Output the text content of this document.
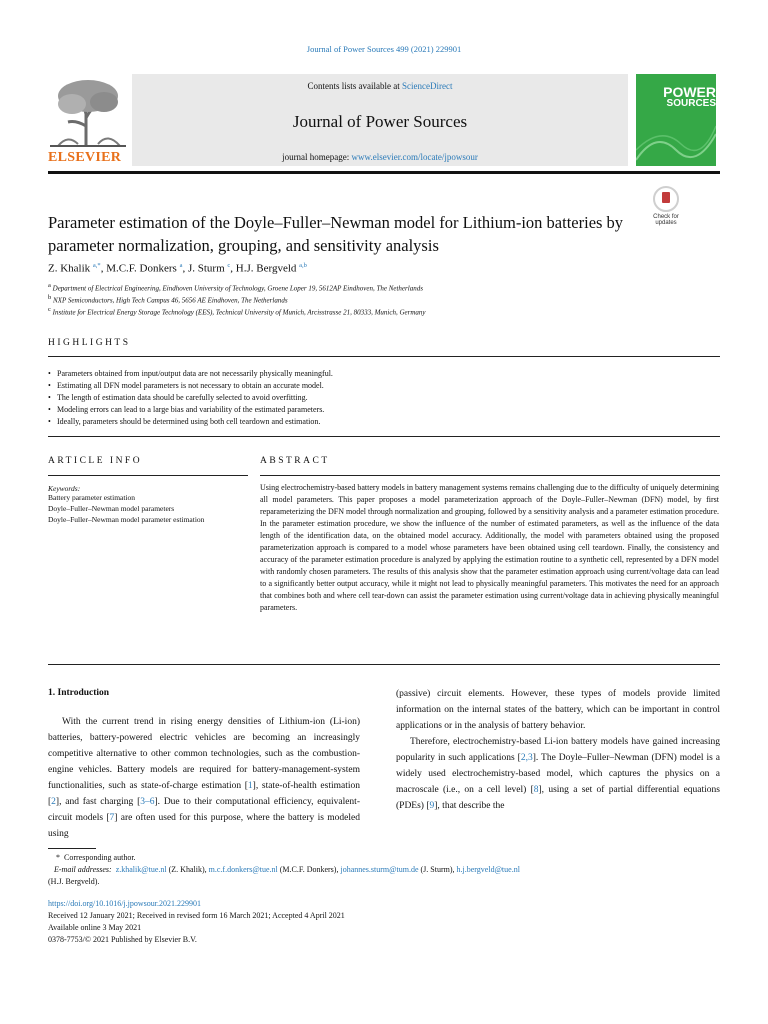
Journal of Power Sources 499 (2021) 229901
ELSEVIER
Contents lists available at ScienceDirect
Journal of Power Sources
journal homepage: www.elsevier.com/locate/jpowsour
POWER
SOURCES
Check for updates
Parameter estimation of the Doyle–Fuller–Newman model for Lithium-ion batteries by parameter normalization, grouping, and sensitivity analysis
Z. Khalik $^{a,*}$, M.C.F. Donkers $^a$, J. Sturm $^c$, H.J. Bergveld $^{a,b}$
a Department of Electrical Engineering, Eindhoven University of Technology, Groene Loper 19, 5612AP Eindhoven, The Netherlands
b NXP Semiconductors, High Tech Campus 46, 5656 AE Eindhoven, The Netherlands
c Institute for Electrical Energy Storage Technology (EES), Technical University of Munich, Arcisstrasse 21, 80333, Munich, Germany
HIGHLIGHTS
• Parameters obtained from input/output data are not necessarily physically meaningful.
• Estimating all DFN model parameters is not necessary to obtain an accurate model.
• The length of estimation data should be carefully selected to avoid overfitting.
• Modeling errors can lead to a large bias and variability of the estimated parameters.
• Ideally, parameters should be determined using both cell teardown and estimation.
ARTICLE INFO	ABSTRACT
Keywords:
Battery parameter estimation
Doyle–Fuller–Newman model parameters
Doyle–Fuller–Newman model parameter estimation
Using electrochemistry-based battery models in battery management systems remains challenging due to the difficulty of uniquely determining all model parameters. This paper proposes a model parameterization approach of the Doyle–Fuller–Newman (DFN) model, by first reparameterizing the DFN model through normalization and grouping, followed by a sensitivity analysis and a parameter estimation procedure. In the parameter estimation procedure, we show the influence of the number of estimated parameters, as well as the influence of the data length of the identification data, on the obtained model accuracy. Additionally, the model with parameters obtained using the proposed parameterization approach is compared to a model whose parameters have been obtained using cell teardown. Finally, the consistency and accuracy of the parameter estimation procedure is analyzed by applying the estimation routine to a synthetic cell, represented by a DFN model with randomly chosen parameters. The results of this analysis show that the parameter estimation approach using current/voltage data can lead to a significantly better output accuracy, while it might not lead to physically meaningful parameters. This motivates the need for an approach that combines both and where cell tear-down can assist the parameter estimation using current/voltage data in achieving physically meaningful parameters.
1. Introduction
With the current trend in rising energy densities of Lithium-ion (Li-ion) batteries, battery-powered electric vehicles are becoming an increasingly competitive alternative to other common technologies, such as the combustion-engine vehicles. Battery models are required for battery-management-system functionalities, such as state-of-charge estimation [1], state-of-health estimation [2], and fast charging [3–6]. Due to their computational efficiency, equivalent-circuit models [7] are often used for this purpose, where the battery is modeled using
(passive) circuit elements. However, these types of models provide limited information on the internal states of the battery, which can be important in control applications or in the analysis of battery behavior.
Therefore, electrochemistry-based Li-ion battery models have gained increasing popularity in such applications [2,3]. The Doyle–Fuller–Newman (DFN) model is a widely used electrochemistry-based model, which captures the physics on a macroscale (i.e., on a cell level) [8], using a set of partial differential equations (PDEs) [9], that describe the
* Corresponding author.
E-mail addresses: z.khalik@tue.nl (Z. Khalik), m.c.f.donkers@tue.nl (M.C.F. Donkers), johannes.sturm@tum.de (J. Sturm), h.j.bergveld@tue.nl
(H.J. Bergveld).
https://doi.org/10.1016/j.jpowsour.2021.229901
Received 12 January 2021; Received in revised form 16 March 2021; Accepted 4 April 2021
Available online 3 May 2021
0378-7753/© 2021 Published by Elsevier B.V.
